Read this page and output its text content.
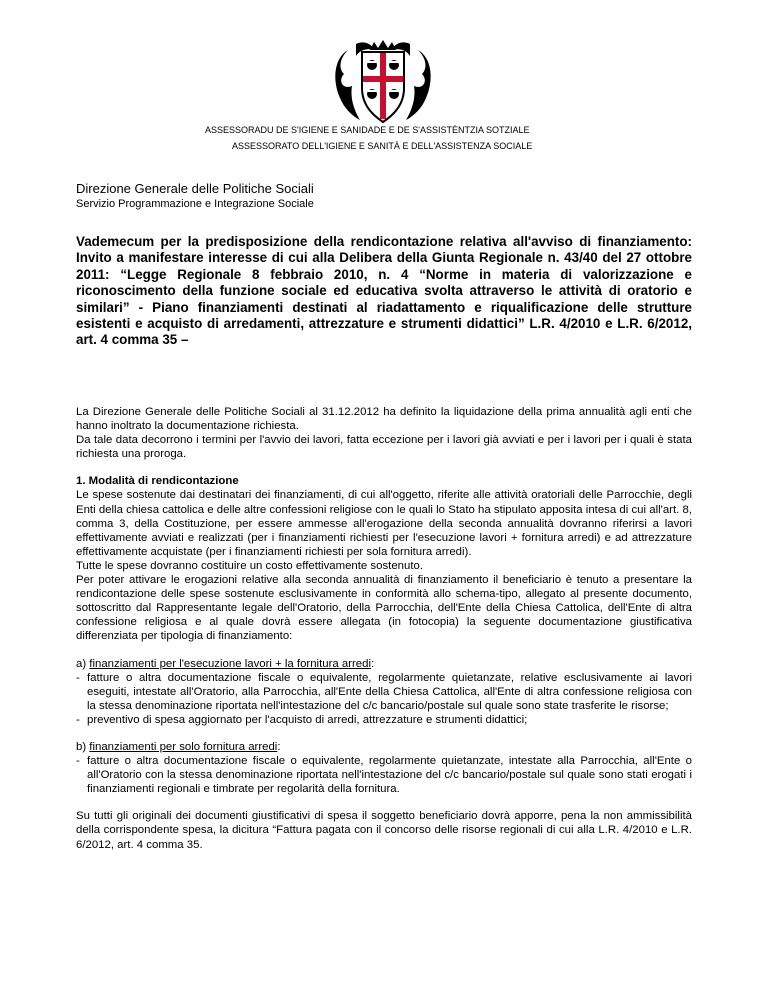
ASSESSORADU DE S'IGIENE E SANIDADE E DE S'ASSISTÈNTZIA SOTZIALE
ASSESSORATO DELL'IGIENE E SANITÀ E DELL'ASSISTENZA SOCIALE
Direzione Generale delle Politiche Sociali
Servizio Programmazione e Integrazione Sociale

Vademecum per la predisposizione della rendicontazione relativa all'avviso di finanziamento: Invito a manifestare interesse di cui alla Delibera della Giunta Regionale n. 43/40 del 27 ottobre 2011: “Legge Regionale 8 febbraio 2010, n. 4 “Norme in materia di valorizzazione e riconoscimento della funzione sociale ed educativa svolta attraverso le attività di oratorio e similari” - Piano finanziamenti destinati al riadattamento e riqualificazione delle strutture esistenti e acquisto di arredamenti, attrezzature e strumenti didattici” L.R. 4/2010 e L.R. 6/2012, art. 4 comma 35 –

La Direzione Generale delle Politiche Sociali al 31.12.2012 ha definito la liquidazione della prima annualità agli enti che hanno inoltrato la documentazione richiesta.

Da tale data decorrono i termini per l'avvio dei lavori, fatta eccezione per i lavori già avviati e per i lavori per i quali è stata richiesta una proroga.

1. Modalità di rendicontazione

Le spese sostenute dai destinatari dei finanziamenti, di cui all'oggetto, riferite alle attività oratoriali delle Parrocchie, degli Enti della chiesa cattolica e delle altre confessioni religiose con le quali lo Stato ha stipulato apposita intesa di cui all'art. 8, comma 3, della Costituzione, per essere ammesse all'erogazione della seconda annualità dovranno riferirsi a lavori effettivamente avviati e realizzati (per i finanziamenti richiesti per l'esecuzione lavori + fornitura arredi) e ad attrezzature effettivamente acquistate (per i finanziamenti richiesti per sola fornitura arredi).

Tutte le spese dovranno costituire un costo effettivamente sostenuto.

Per poter attivare le erogazioni relative alla seconda annualità di finanziamento il beneficiario è tenuto a presentare la rendicontazione delle spese sostenute esclusivamente in conformità allo schema-tipo, allegato al presente documento, sottoscritto dal Rappresentante legale dell'Oratorio, della Parrocchia, dell'Ente della Chiesa Cattolica, dell'Ente di altra confessione religiosa e al quale dovrà essere allegata (in fotocopia) la seguente documentazione giustificativa differenziata per tipologia di finanziamento:

a) finanziamenti per l'esecuzione lavori + la fornitura arredi:
- fatture o altra documentazione fiscale o equivalente, regolarmente quietanzate, relative esclusivamente ai lavori eseguiti, intestate all'Oratorio, alla Parrocchia, all'Ente della Chiesa Cattolica, all'Ente di altra confessione religiosa con la stessa denominazione riportata nell'intestazione del c/c bancario/postale sul quale sono state trasferite le risorse;
- preventivo di spesa aggiornato per l'acquisto di arredi, attrezzature e strumenti didattici;
b) finanziamenti per solo fornitura arredi:
- fatture o altra documentazione fiscale o equivalente, regolarmente quietanzate, intestate alla Parrocchia, all'Ente o all'Oratorio con la stessa denominazione riportata nell'intestazione del c/c bancario/postale sul quale sono stati erogati i finanziamenti regionali e timbrate per regolarità della fornitura.

Su tutti gli originali dei documenti giustificativi di spesa il soggetto beneficiario dovrà apporre, pena la non ammissibilità della corrispondente spesa, la dicitura “Fattura pagata con il concorso delle risorse regionali di cui alla L.R. 4/2010 e L.R. 6/2012, art. 4 comma 35.
